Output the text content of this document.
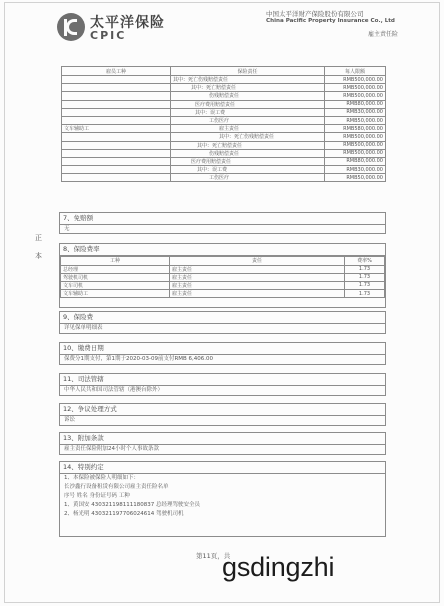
太平洋保险
CPIC
中国太平洋财产保险股份有限公司
China Pacific Property Insurance Co., Ltd
雇主责任险
雇员工种	保险责任	每人限额
	其中：死亡伤残赔偿责任	RMB500,000.00
	其中：死亡赔偿责任	RMB500,000.00
	伤残赔偿责任	RMB500,000.00
	医疗费用赔偿责任	RMB80,000.00
	其中：误工费	RMB30,000.00
	工伤医疗	RMB50,000.00
文车辅助工	雇主责任	RMB580,000.00
	其中：死亡伤残赔偿责任	RMB500,000.00
	其中：死亡赔偿责任	RMB500,000.00
	伤残赔偿责任	RMB500,000.00
	医疗费用赔偿责任	RMB80,000.00
	其中：误工费	RMB30,000.00
	工伤医疗	RMB50,000.00
正
本
7、免赔额
无
8、保险费率
工种	责任	费率%
总经理	雇主责任	1.73
驾驶机司机	雇主责任	1.73
文车司机	雇主责任	1.73
文车辅助工	雇主责任	1.73
9、保险费
详见保单明细表
10、缴费日期
保费分1期支付，第1期于2020-03-09前支付RMB 6,406.00
11、司法管辖
中华人民共和国司法管辖（港澳台除外）
12、争议处理方式
诉讼
13、附加条款
雇主责任保险附加24小时个人事故条款
14、特别约定
1、本保险被保险人明细如下：
长沙鑫行设备租赁有限公司雇主责任险名单
序号 姓名 身份证号码 工种
1、黄国安 430321198111180837 总经理驾驶安全员
2、杨光明 430321197706024614 驾驶机司机
第11页，共
gsdingzhi
